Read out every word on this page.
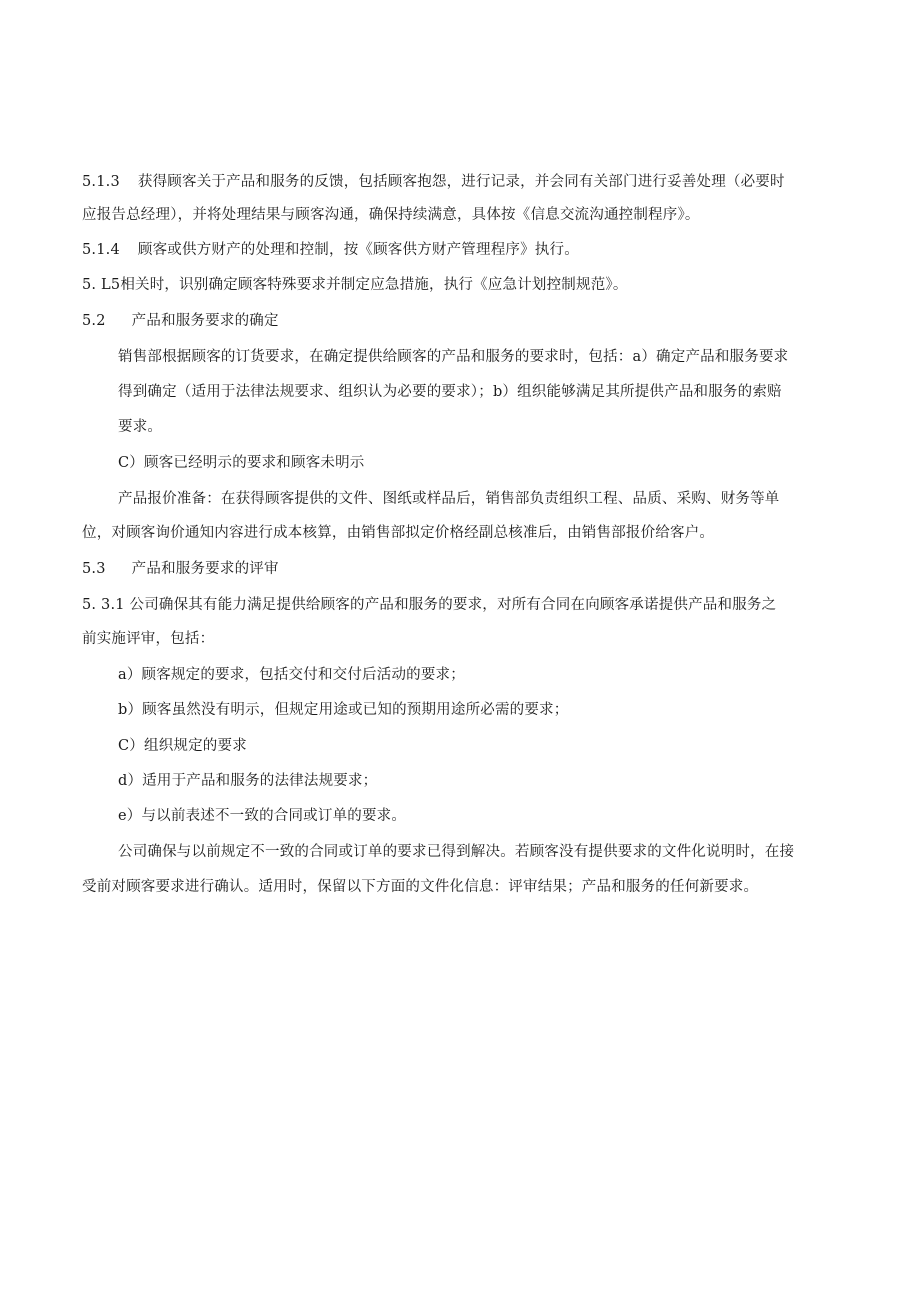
5.1.3 获得顾客关于产品和服务的反馈，包括顾客抱怨，进行记录，并会同有关部门进行妥善处理（必要时
应报告总经理），并将处理结果与顾客沟通，确保持续满意，具体按《信息交流沟通控制程序》。
5.1.4 顾客或供方财产的处理和控制，按《顾客供方财产管理程序》执行。
5. L5相关时，识别确定顾客特殊要求并制定应急措施，执行《应急计划控制规范》。
5.2 产品和服务要求的确定
销售部根据顾客的订货要求，在确定提供给顾客的产品和服务的要求时，包括：a）确定产品和服务要求
得到确定（适用于法律法规要求、组织认为必要的要求）；b）组织能够满足其所提供产品和服务的索赔
要求。
C）顾客已经明示的要求和顾客未明示
产品报价准备：在获得顾客提供的文件、图纸或样品后，销售部负责组织工程、品质、采购、财务等单
位，对顾客询价通知内容进行成本核算，由销售部拟定价格经副总核准后，由销售部报价给客户。
5.3 产品和服务要求的评审
5. 3.1 公司确保其有能力满足提供给顾客的产品和服务的要求，对所有合同在向顾客承诺提供产品和服务之
前实施评审，包括：
a）顾客规定的要求，包括交付和交付后活动的要求；
b）顾客虽然没有明示，但规定用途或已知的预期用途所必需的要求；
C）组织规定的要求
d）适用于产品和服务的法律法规要求；
e）与以前表述不一致的合同或订单的要求。
公司确保与以前规定不一致的合同或订单的要求已得到解决。若顾客没有提供要求的文件化说明时，在接
受前对顾客要求进行确认。适用时，保留以下方面的文件化信息：评审结果；产品和服务的任何新要求。
